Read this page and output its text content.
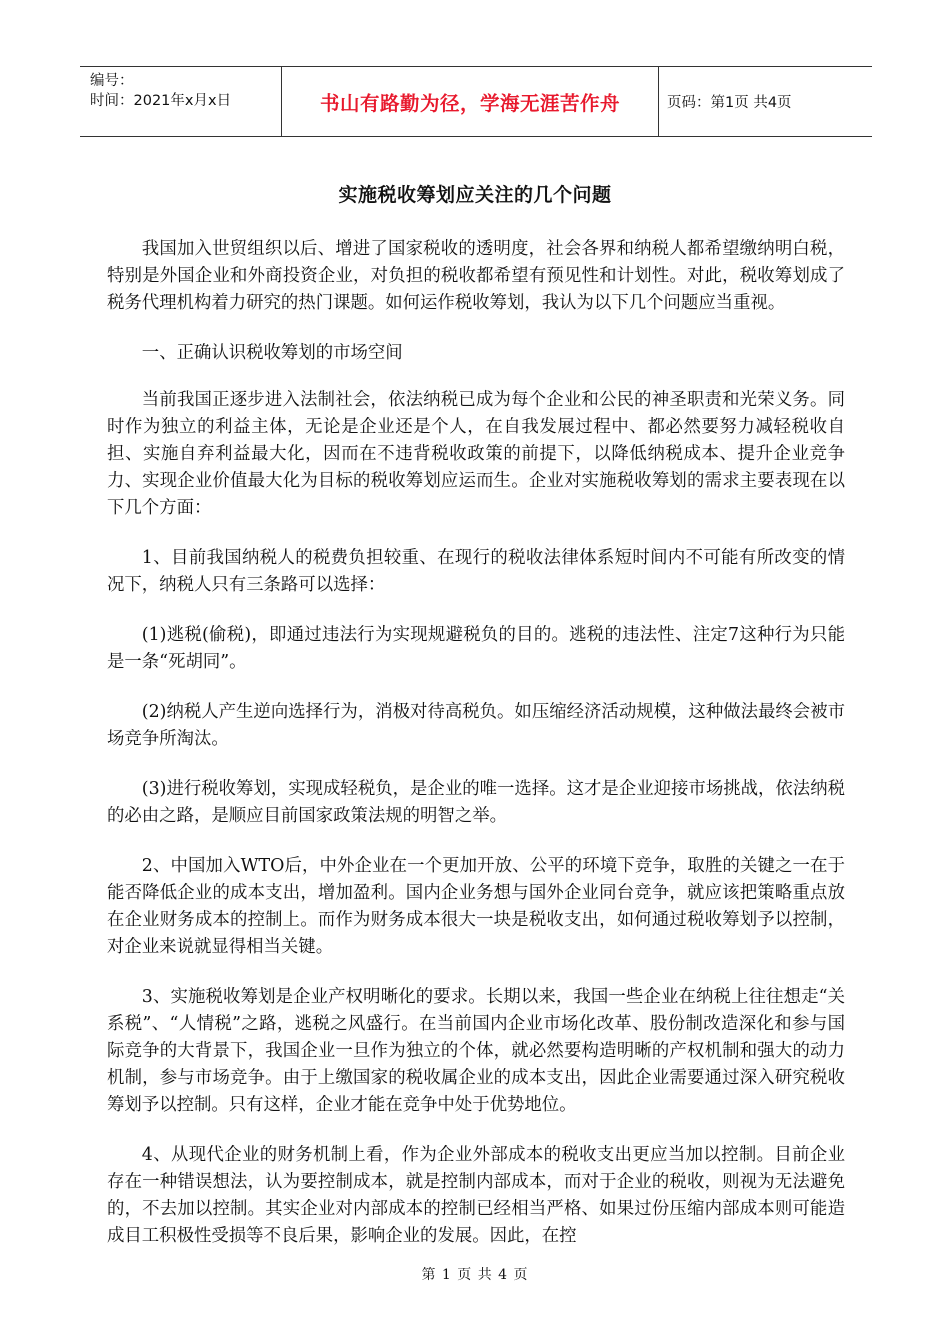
编号：
时间：2021年x月x日	书山有路勤为径，学海无涯苦作舟	页码：第1页 共4页
实施税收筹划应关注的几个问题

我国加入世贸组织以后、增进了国家税收的透明度，社会各界和纳税人都希望缴纳明白税，特别是外国企业和外商投资企业，对负担的税收都希望有预见性和计划性。对此，税收筹划成了税务代理机构着力研究的热门课题。如何运作税收筹划，我认为以下几个问题应当重视。

一、正确认识税收筹划的市场空间

当前我国正逐步进入法制社会，依法纳税已成为每个企业和公民的神圣职责和光荣义务。同时作为独立的利益主体，无论是企业还是个人，在自我发展过程中、都必然要努力减轻税收自担、实施自弃利益最大化，因而在不违背税收政策的前提下，以降低纳税成本、提升企业竞争力、实现企业价值最大化为目标的税收筹划应运而生。企业对实施税收筹划的需求主要表现在以下几个方面：

1、目前我国纳税人的税费负担较重、在现行的税收法律体系短时间内不可能有所改变的情况下，纳税人只有三条路可以选择：

(1)逃税(偷税)，即通过违法行为实现规避税负的目的。逃税的违法性、注定7这种行为只能是一条“死胡同”。

(2)纳税人产生逆向选择行为，消极对待高税负。如压缩经济活动规模，这种做法最终会被市场竞争所淘汰。

(3)进行税收筹划，实现成轻税负，是企业的唯一选择。这才是企业迎接市场挑战，依法纳税的必由之路，是顺应目前国家政策法规的明智之举。

2、中国加入WTO后，中外企业在一个更加开放、公平的环境下竞争，取胜的关键之一在于能否降低企业的成本支出，增加盈利。国内企业务想与国外企业同台竞争，就应该把策略重点放在企业财务成本的控制上。而作为财务成本很大一块是税收支出，如何通过税收筹划予以控制，对企业来说就显得相当关键。

3、实施税收筹划是企业产权明晰化的要求。长期以来，我国一些企业在纳税上往往想走“关系税”、“人情税”之路，逃税之风盛行。在当前国内企业市场化改革、股份制改造深化和参与国际竞争的大背景下，我国企业一旦作为独立的个体，就必然要构造明晰的产权机制和强大的动力机制，参与市场竞争。由于上缴国家的税收属企业的成本支出，因此企业需要通过深入研究税收筹划予以控制。只有这样，企业才能在竞争中处于优势地位。

4、从现代企业的财务机制上看，作为企业外部成本的税收支出更应当加以控制。目前企业存在一种错误想法，认为要控制成本，就是控制内部成本，而对于企业的税收，则视为无法避免的，不去加以控制。其实企业对内部成本的控制已经相当严格、如果过份压缩内部成本则可能造成目工积极性受损等不良后果，影响企业的发展。因此，在控

第 1 页 共 4 页
